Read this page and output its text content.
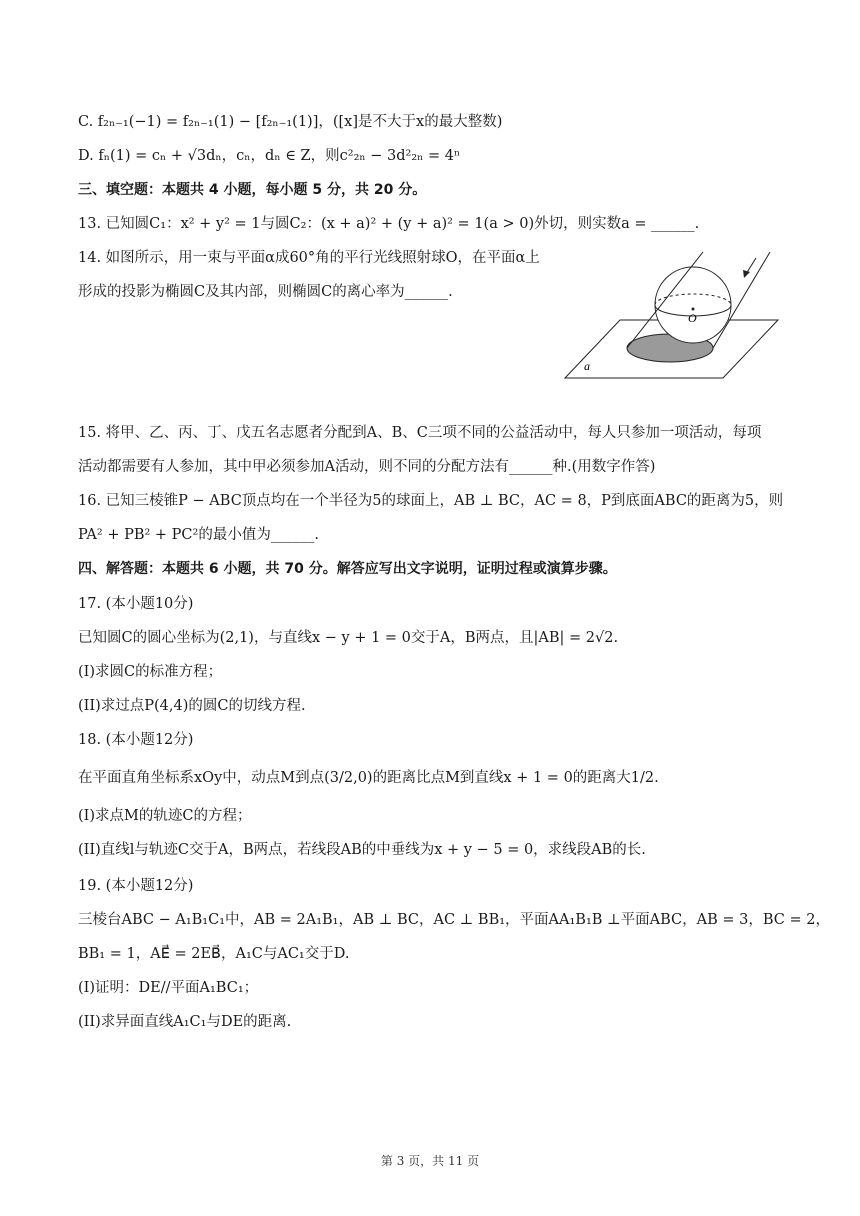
C. f₂ₙ₋₁(−1) = f₂ₙ₋₁(1) − [f₂ₙ₋₁(1)]，([x]是不大于x的最大整数)
D. fₙ(1) = cₙ + √3dₙ，cₙ，dₙ ∈ Z，则c²₂ₙ − 3d²₂ₙ = 4ⁿ
三、填空题：本题共 4 小题，每小题 5 分，共 20 分。
13. 已知圆C₁：x² + y² = 1与圆C₂：(x + a)² + (y + a)² = 1(a > 0)外切，则实数a = ______.
14. 如图所示，用一束与平面α成60°角的平行光线照射球O，在平面α上
形成的投影为椭圆C及其内部，则椭圆C的离心率为______.
O
a
15. 将甲、乙、丙、丁、戊五名志愿者分配到A、B、C三项不同的公益活动中，每人只参加一项活动，每项
活动都需要有人参加，其中甲必须参加A活动，则不同的分配方法有______种.(用数字作答)
16. 已知三棱锥P − ABC顶点均在一个半径为5的球面上，AB ⊥ BC，AC = 8，P到底面ABC的距离为5，则
PA² + PB² + PC²的最小值为______.
四、解答题：本题共 6 小题，共 70 分。解答应写出文字说明，证明过程或演算步骤。
17. (本小题10分)
已知圆C的圆心坐标为(2,1)，与直线x − y + 1 = 0交于A，B两点，且|AB| = 2√2.
(I)求圆C的标准方程；
(II)求过点P(4,4)的圆C的切线方程.
18. (本小题12分)
在平面直角坐标系xOy中，动点M到点(3/2,0)的距离比点M到直线x + 1 = 0的距离大1/2.
(I)求点M的轨迹C的方程；
(II)直线l与轨迹C交于A，B两点，若线段AB的中垂线为x + y − 5 = 0，求线段AB的长.
19. (本小题12分)
三棱台ABC − A₁B₁C₁中，AB = 2A₁B₁，AB ⊥ BC，AC ⊥ BB₁，平面AA₁B₁B ⊥平面ABC，AB = 3，BC = 2，
BB₁ = 1，AE⃗ = 2EB⃗，A₁C与AC₁交于D.
(I)证明：DE//平面A₁BC₁；
(II)求异面直线A₁C₁与DE的距离.
第 3 页，共 11 页
